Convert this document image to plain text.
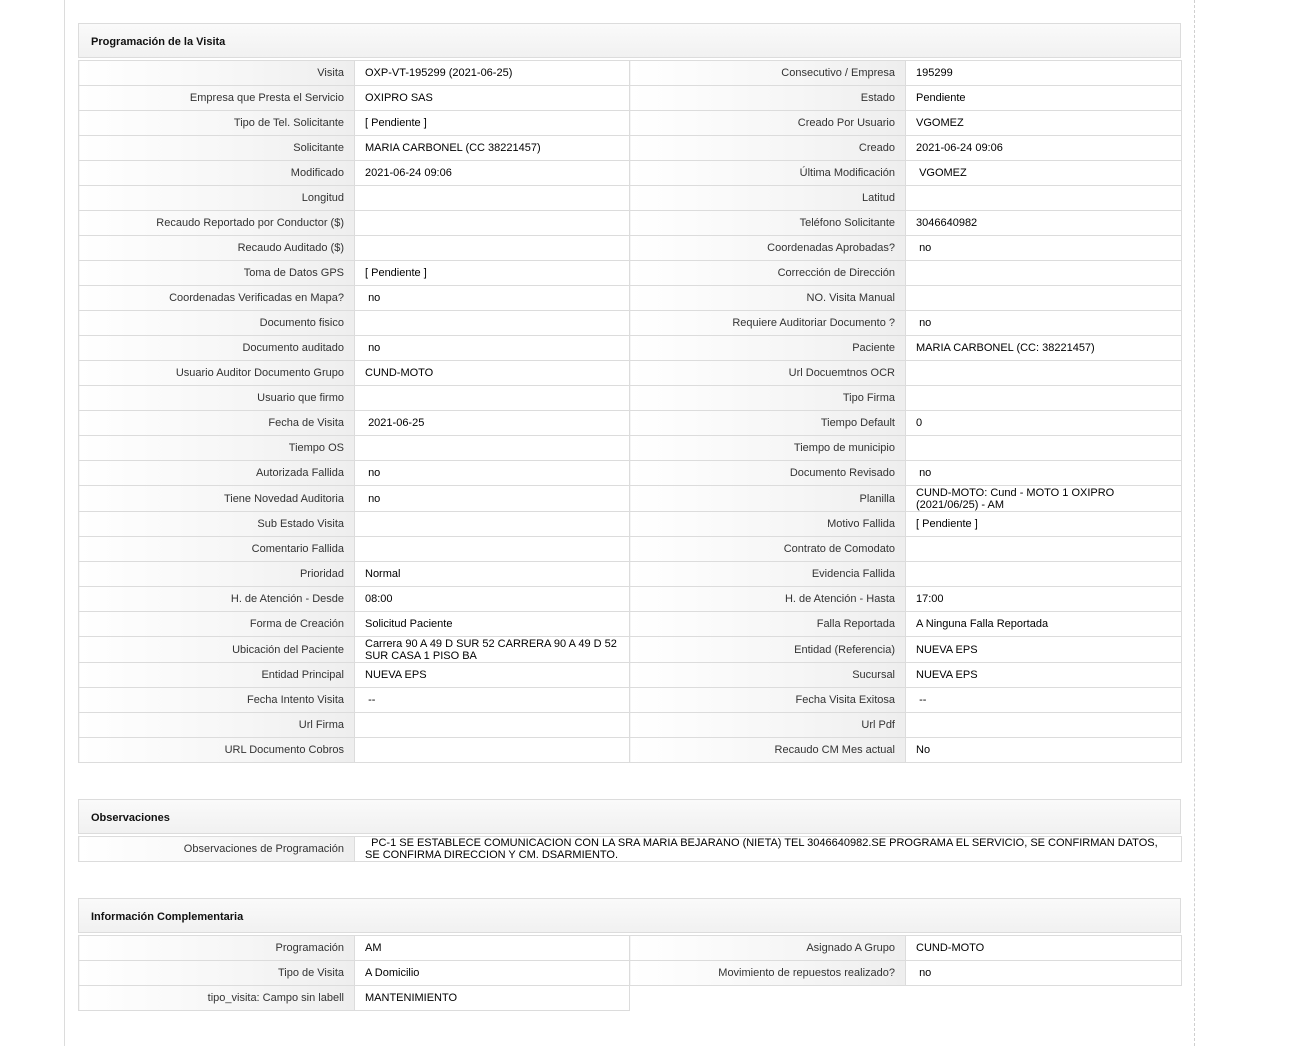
Programación de la Visita
Visita	OXP-VT-195299 (2021-06-25)	Consecutivo / Empresa	195299
Empresa que Presta el Servicio	OXIPRO SAS	Estado	Pendiente
Tipo de Tel. Solicitante	[ Pendiente ]	Creado Por Usuario	VGOMEZ
Solicitante	MARIA CARBONEL (CC 38221457)	Creado	2021-06-24 09:06
Modificado	2021-06-24 09:06	Última Modificación	VGOMEZ
Longitud		Latitud	
Recaudo Reportado por Conductor ($)		Teléfono Solicitante	3046640982
Recaudo Auditado ($)		Coordenadas Aprobadas?	no
Toma de Datos GPS	[ Pendiente ]	Corrección de Dirección	
Coordenadas Verificadas en Mapa?	no	NO. Visita Manual	
Documento fisico		Requiere Auditoriar Documento ?	no
Documento auditado	no	Paciente	MARIA CARBONEL (CC: 38221457)
Usuario Auditor Documento Grupo	CUND-MOTO	Url Docuemtnos OCR	
Usuario que firmo		Tipo Firma	
Fecha de Visita	2021-06-25	Tiempo Default	0
Tiempo OS		Tiempo de municipio	
Autorizada Fallida	no	Documento Revisado	no
Tiene Novedad Auditoria	no	Planilla	CUND-MOTO: Cund - MOTO 1 OXIPRO (2021/06/25) - AM
Sub Estado Visita		Motivo Fallida	[ Pendiente ]
Comentario Fallida		Contrato de Comodato	
Prioridad	Normal	Evidencia Fallida	
H. de Atención - Desde	08:00	H. de Atención - Hasta	17:00
Forma de Creación	Solicitud Paciente	Falla Reportada	A Ninguna Falla Reportada
Ubicación del Paciente	Carrera 90 A 49 D SUR 52 CARRERA 90 A 49 D 52 SUR CASA 1 PISO BA	Entidad (Referencia)	NUEVA EPS
Entidad Principal	NUEVA EPS	Sucursal	NUEVA EPS
Fecha Intento Visita	--	Fecha Visita Exitosa	--
Url Firma		Url Pdf	
URL Documento Cobros		Recaudo CM Mes actual	No
Observaciones
Observaciones de Programación	PC-1 SE ESTABLECE COMUNICACION CON LA SRA MARIA BEJARANO (NIETA) TEL 3046640982.SE PROGRAMA EL SERVICIO, SE CONFIRMAN DATOS, SE CONFIRMA DIRECCION Y CM. DSARMIENTO.
Información Complementaria
Programación	AM	Asignado A Grupo	CUND-MOTO
Tipo de Visita	A Domicilio	Movimiento de repuestos realizado?	no
tipo_visita: Campo sin labell	MANTENIMIENTO		
